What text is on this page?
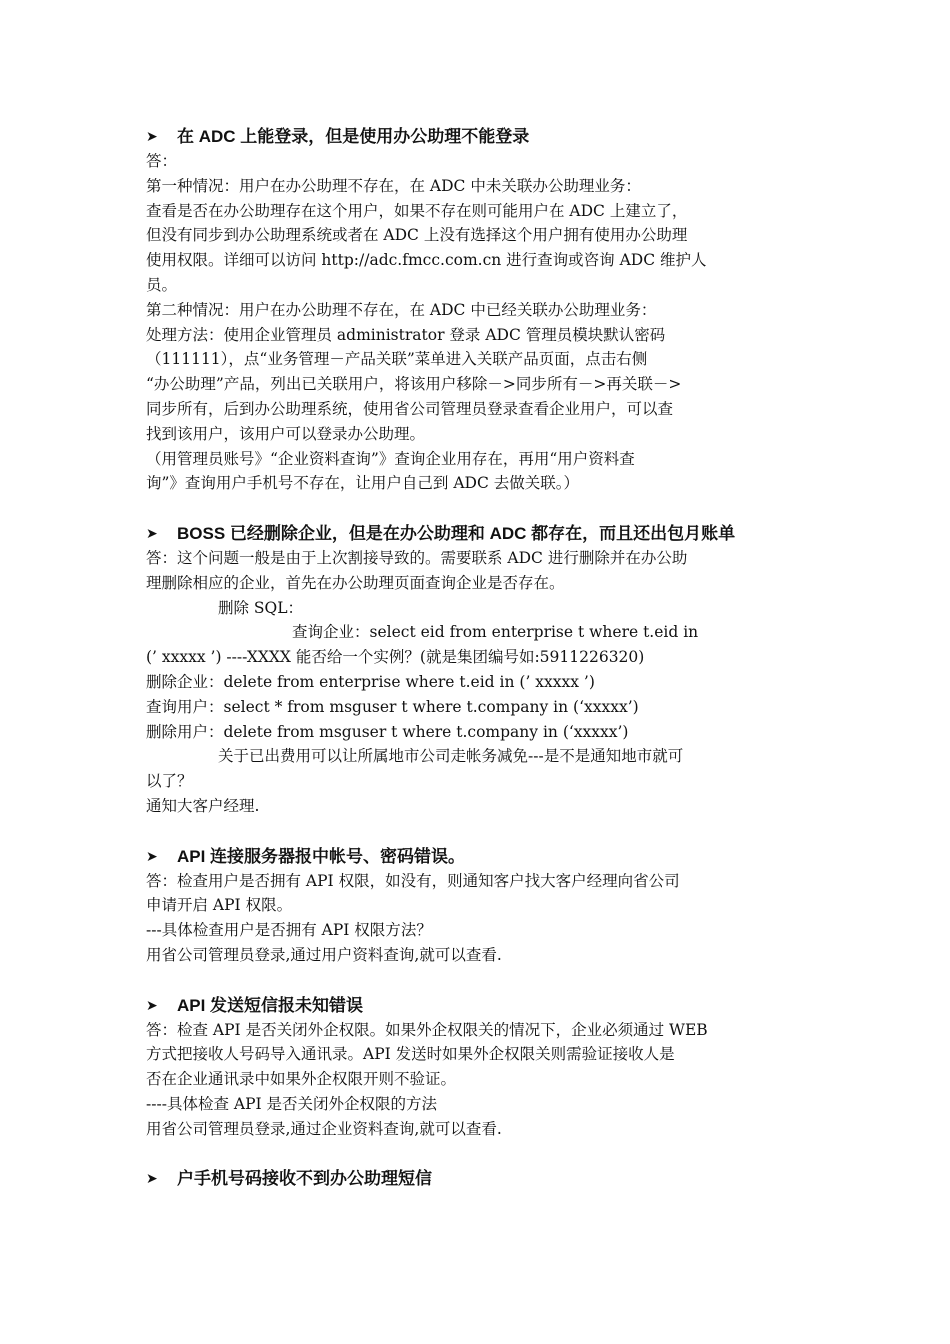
➤	在 ADC 上能登录，但是使用办公助理不能登录
答：
第一种情况：用户在办公助理不存在，在 ADC 中未关联办公助理业务：
查看是否在办公助理存在这个用户，如果不存在则可能用户在 ADC 上建立了，
但没有同步到办公助理系统或者在 ADC 上没有选择这个用户拥有使用办公助理
使用权限。详细可以访问 http://adc.fmcc.com.cn 进行查询或咨询 ADC 维护人
员。
第二种情况：用户在办公助理不存在，在 ADC 中已经关联办公助理业务：
处理方法：使用企业管理员 administrator 登录 ADC 管理员模块默认密码
（111111），点“业务管理－产品关联”菜单进入关联产品页面，点击右侧
“办公助理”产品，列出已关联用户，将该用户移除－>同步所有－>再关联－>
同步所有，后到办公助理系统，使用省公司管理员登录查看企业用户，可以查
找到该用户，该用户可以登录办公助理。
（用管理员账号》“企业资料查询”》查询企业用存在，再用“用户资料查
询”》查询用户手机号不存在，让用户自己到 ADC 去做关联。）
➤	BOSS 已经删除企业，但是在办公助理和 ADC 都存在，而且还出包月账单
答：这个问题一般是由于上次割接导致的。需要联系 ADC 进行删除并在办公助
理删除相应的企业，首先在办公助理页面查询企业是否存在。
删除 SQL：
查询企业：select eid from enterprise t where t.eid in
(’ xxxxx ’) ----XXXX 能否给一个实例？(就是集团编号如:5911226320)
删除企业：delete from enterprise where t.eid in (’ xxxxx ’)
查询用户：select * from msguser t where t.company in (‘xxxxx’)
删除用户：delete from msguser t where t.company in (‘xxxxx’)
关于已出费用可以让所属地市公司走帐务减免---是不是通知地市就可
以了？
通知大客户经理.
➤	API 连接服务器报中帐号、密码错误。
答：检查用户是否拥有 API 权限，如没有，则通知客户找大客户经理向省公司
申请开启 API 权限。
---具体检查用户是否拥有 API 权限方法？
用省公司管理员登录,通过用户资料查询,就可以查看.
➤	API 发送短信报未知错误
答：检查 API 是否关闭外企权限。如果外企权限关的情况下，企业必须通过 WEB
方式把接收人号码导入通讯录。API 发送时如果外企权限关则需验证接收人是
否在企业通讯录中如果外企权限开则不验证。
----具体检查 API 是否关闭外企权限的方法
用省公司管理员登录,通过企业资料查询,就可以查看.
➤	户手机号码接收不到办公助理短信
